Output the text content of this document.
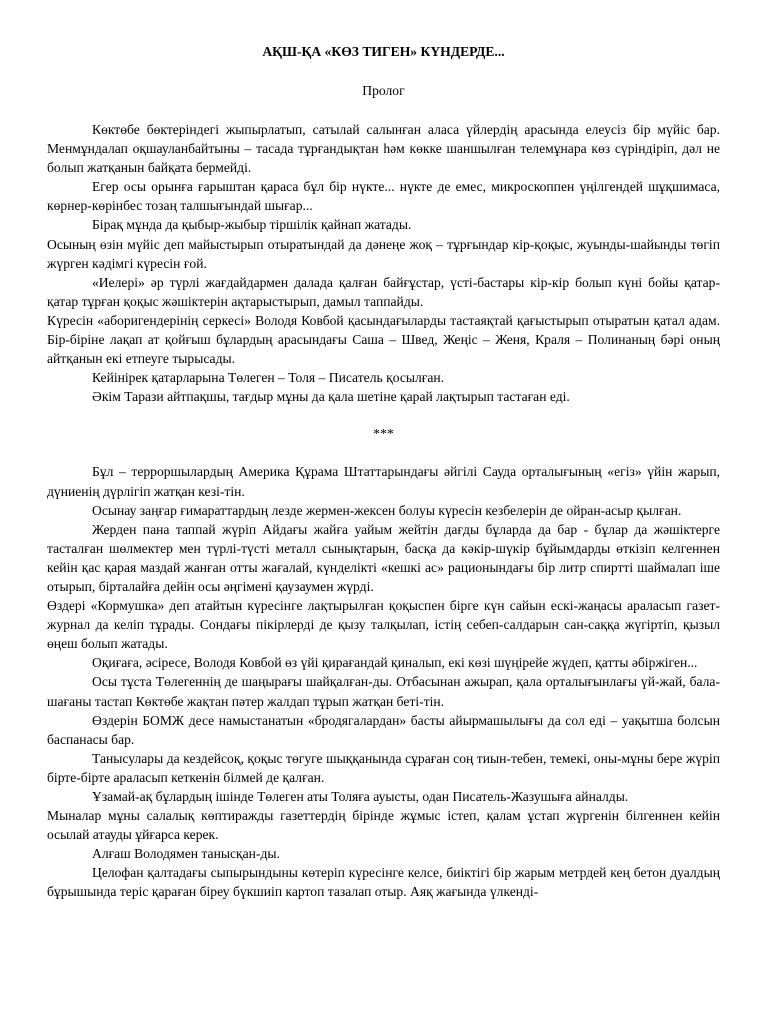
АҚШ-ҚА «КӨЗ ТИГЕН» КҮНДЕРДЕ...
Пролог

Көктөбе бөктеріндегі жыпырлатып, сатылай салынған аласа үйлердің арасында елеусіз бір мүйіс бар. Менмұндалап оқшауланбайтыны – тасада тұрғандықтан һәм көкке шаншылған телемұнара көз сүріндіріп, дәл не болып жатқанын байқата бермейді.

Егер осы орынға ғарыштан қараса бұл бір нүкте... нүкте де емес, микроскоппен үңілгендей шұқшимаса, көрнер-көрінбес тозаң талшығындай шығар...

Бірақ мұнда да қыбыр-жыбыр тіршілік қайнап жатады.

Осының өзін мүйіс деп майыстырып отыратындай да дәнеңе жоқ – тұрғындар кір-қоқыс, жуынды-шайынды төгіп жүрген кәдімгі күресін ғой.

«Иелері» әр түрлі жағдайдармен далада қалған байғұстар, үсті-бастары кір-кір болып күні бойы қатар-қатар тұрған қоқыс жәшіктерін ақтарыстырып, дамыл таппайды.

Күресін «аборигендерінің серкесі» Володя Ковбой қасындағыларды тастаяқтай қағыстырып отыратын қатал адам. Бір-біріне лақап ат қойғыш бұлардың арасындағы Саша – Швед, Жеңіс – Женя, Краля – Полинаның бәрі оның айтқанын екі етпеуге тырысады.

Кейінірек қатарларына Төлеген – Толя – Писатель қосылған.

Әкім Тарази айтпақшы, тағдыр мұны да қала шетіне қарай лақтырып тастаған еді.

***

Бұл – терроршылардың Америка Құрама Штаттарындағы әйгілі Сауда орталығының «егіз» үйін жарып, дүниенің дүрлігіп жатқан кезі-тін.

Осынау заңғар ғимараттардың лезде жермен-жексен болуы күресін кезбелерін де ойран-асыр қылған.

Жерден пана таппай жүріп Айдағы жайға уайым жейтін дағды бұларда да бар - бұлар да жәшіктерге тасталған шөлмектер мен түрлі-түсті металл сынықтарын, басқа да кәкір-шүкір бұйымдарды өткізіп келгеннен кейін қас қарая маздай жанған отты жағалай, күнделікті «кешкі ас» рационындағы бір литр спиртті шаймалап іше отырып, бірталайға дейін осы әңгімені қаузаумен жүрді.

Өздері «Кормушка» деп атайтын күресінге лақтырылған қоқыспен бірге күн сайын ескі-жаңасы араласып газет-журнал да келіп тұрады. Сондағы пікірлерді де қызу талқылап, істің себеп-салдарын сан-саққа жүгіртіп, қызыл өңеш болып жатады.

Оқиғаға, әсіресе, Володя Ковбой өз үйі қирағандай қиналып, екі көзі шүңірейе жүдеп, қатты әбіржіген...

Осы тұста Төлегеннің де шаңырағы шайқалған-ды. Отбасынан ажырап, қала орталығынлағы үй-жай, бала-шағаны тастап Көктөбе жақтан пәтер жалдап тұрып жатқан беті-тін.

Өздерін БОМЖ десе намыстанатын «бродягалардан» басты айырмашылығы да сол еді – уақытша болсын баспанасы бар.

Танысулары да кездейсоқ, қоқыс төгуге шыққанында сұраған соң тиын-тебен, темекі, оны-мұны бере жүріп бірте-бірте араласып кеткенін білмей де қалған.

Ұзамай-ақ бұлардың ішінде Төлеген аты Толяға ауысты, одан Писатель-Жазушыға айналды.

Мыналар мұны салалық көптиражды газеттердің бірінде жұмыс істеп, қалам ұстап жүргенін білгеннен кейін осылай атауды ұйғарса керек.

Алғаш Володямен танысқан-ды.

Целофан қалтадағы сыпырындыны көтеріп күресінге келсе, биіктігі бір жарым метрдей кең бетон дуалдың бұрышында теріс қараған біреу бүкшиіп картоп тазалап отыр. Аяқ жағында үлкенді-
